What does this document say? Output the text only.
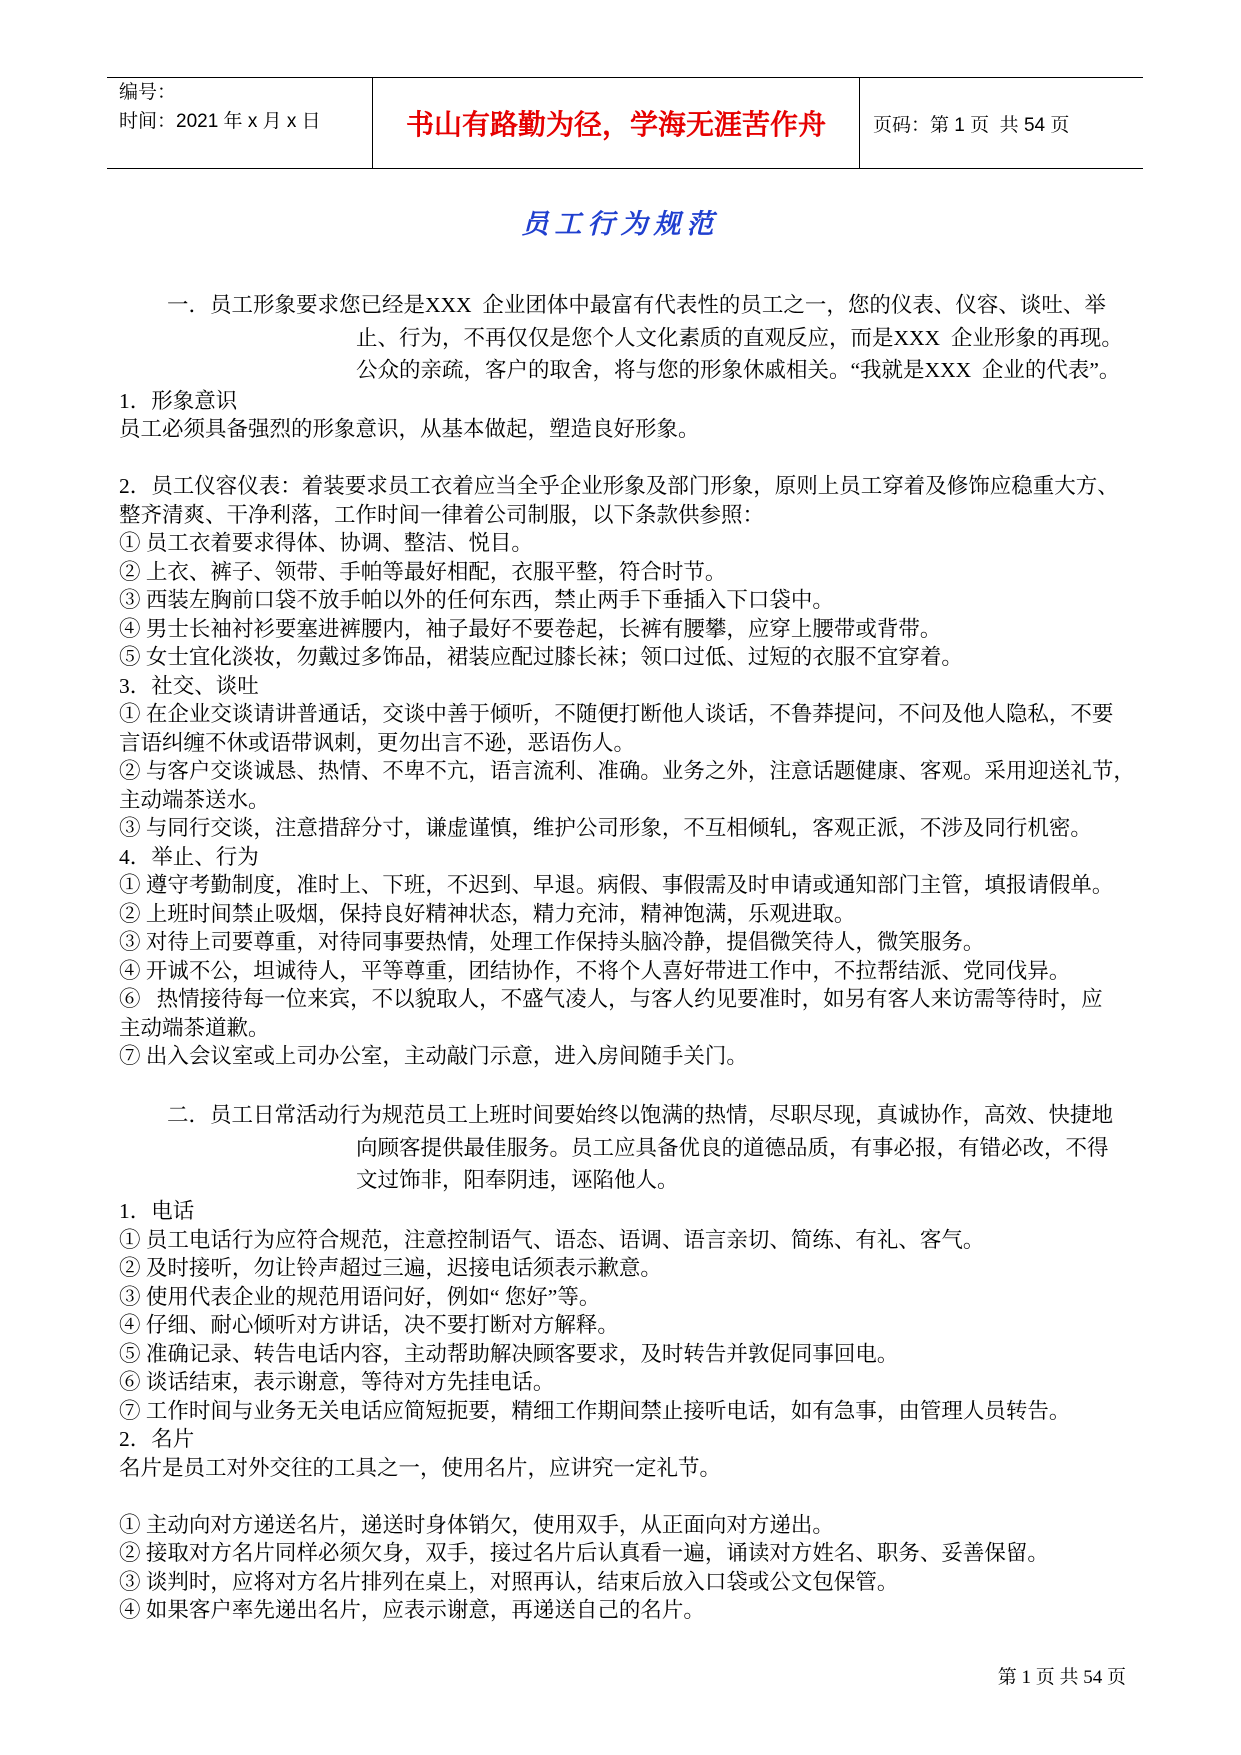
编号：
时间：2021 年 x 月 x 日	书山有路勤为径，学海无涯苦作舟	页码：第 1 页  共 54 页
员工行为规范
一．员工形象要求您已经是XXX  企业团体中最富有代表性的员工之一，您的仪表、仪容、谈吐、举
止、行为，不再仅仅是您个人文化素质的直观反应，而是XXX  企业形象的再现。
公众的亲疏，客户的取舍，将与您的形象休戚相关。“我就是XXX  企业的代表”。
1．形象意识
员工必须具备强烈的形象意识，从基本做起，塑造良好形象。
2．员工仪容仪表：着装要求员工衣着应当全乎企业形象及部门形象，原则上员工穿着及修饰应稳重大方、
整齐清爽、干净利落，工作时间一律着公司制服，以下条款供参照：
① 员工衣着要求得体、协调、整洁、悦目。
② 上衣、裤子、领带、手帕等最好相配，衣服平整，符合时节。
③ 西装左胸前口袋不放手帕以外的任何东西，禁止两手下垂插入下口袋中。
④ 男士长袖衬衫要塞进裤腰内，袖子最好不要卷起，长裤有腰攀，应穿上腰带或背带。
⑤ 女士宜化淡妆，勿戴过多饰品，裙装应配过膝长袜；领口过低、过短的衣服不宜穿着。
3．社交、谈吐
① 在企业交谈请讲普通话，交谈中善于倾听，不随便打断他人谈话，不鲁莽提问，不问及他人隐私，不要
言语纠缠不休或语带讽刺，更勿出言不逊，恶语伤人。
② 与客户交谈诚恳、热情、不卑不亢，语言流利、准确。业务之外，注意话题健康、客观。采用迎送礼节，
主动端茶送水。
③ 与同行交谈，注意措辞分寸，谦虚谨慎，维护公司形象，不互相倾轧，客观正派，不涉及同行机密。
4．举止、行为
① 遵守考勤制度，准时上、下班，不迟到、早退。病假、事假需及时申请或通知部门主管，填报请假单。
② 上班时间禁止吸烟，保持良好精神状态，精力充沛，精神饱满，乐观进取。
③ 对待上司要尊重，对待同事要热情，处理工作保持头脑冷静，提倡微笑待人，微笑服务。
④ 开诚不公，坦诚待人，平等尊重，团结协作，不将个人喜好带进工作中，不拉帮结派、党同伐异。
⑥   热情接待每一位来宾，不以貌取人，不盛气凌人，与客人约见要准时，如另有客人来访需等待时，应
主动端茶道歉。
⑦ 出入会议室或上司办公室，主动敲门示意，进入房间随手关门。
二．员工日常活动行为规范员工上班时间要始终以饱满的热情，尽职尽现，真诚协作，高效、快捷地
向顾客提供最佳服务。员工应具备优良的道德品质，有事必报，有错必改，不得
文过饰非，阳奉阴违，诬陷他人。
1．电话
① 员工电话行为应符合规范，注意控制语气、语态、语调、语言亲切、简练、有礼、客气。
② 及时接听，勿让铃声超过三遍，迟接电话须表示歉意。
③ 使用代表企业的规范用语问好，例如“ 您好”等。
④ 仔细、耐心倾听对方讲话，决不要打断对方解释。
⑤ 准确记录、转告电话内容，主动帮助解决顾客要求，及时转告并敦促同事回电。
⑥ 谈话结束，表示谢意，等待对方先挂电话。
⑦ 工作时间与业务无关电话应简短扼要，精细工作期间禁止接听电话，如有急事，由管理人员转告。
2．名片
名片是员工对外交往的工具之一，使用名片，应讲究一定礼节。
① 主动向对方递送名片，递送时身体销欠，使用双手，从正面向对方递出。
② 接取对方名片同样必须欠身，双手，接过名片后认真看一遍，诵读对方姓名、职务、妥善保留。
③ 谈判时，应将对方名片排列在桌上，对照再认，结束后放入口袋或公文包保管。
④ 如果客户率先递出名片，应表示谢意，再递送自己的名片。
第 1 页 共 54 页
